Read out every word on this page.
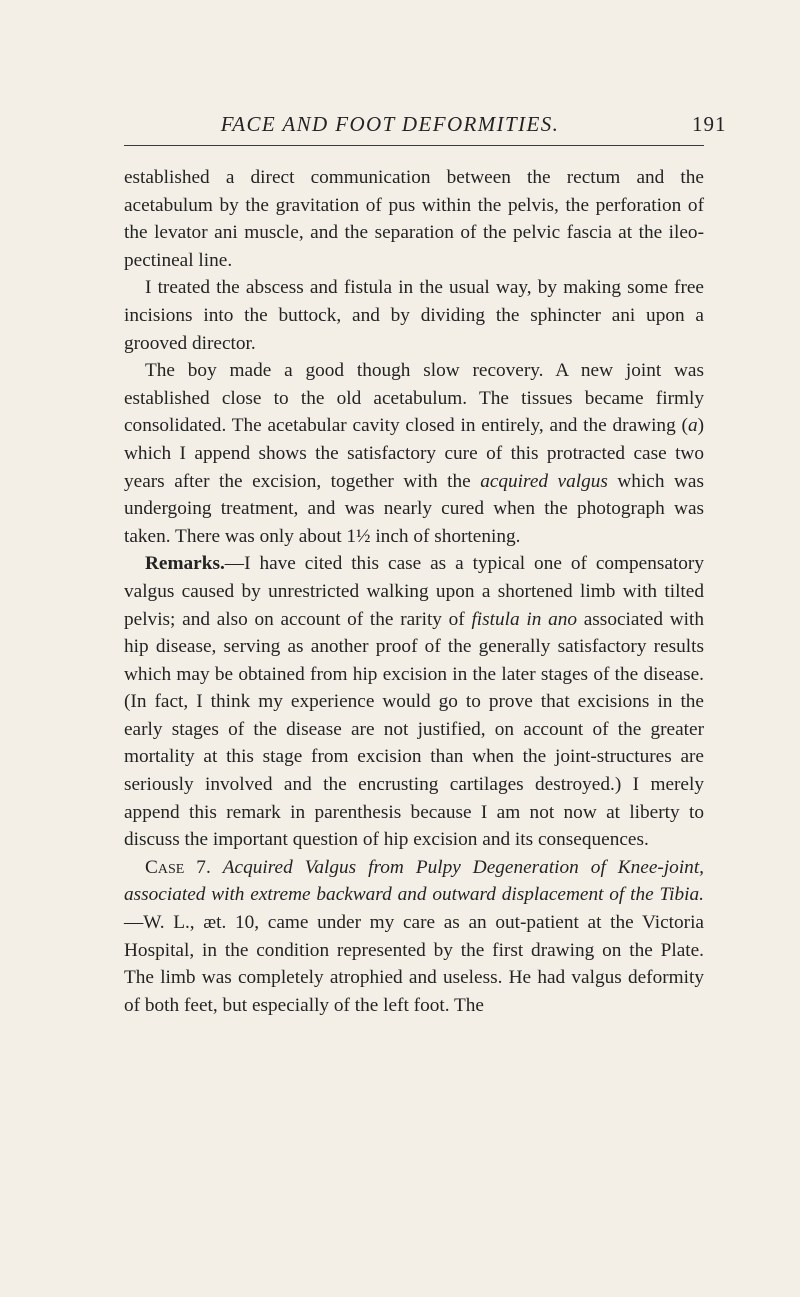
FACE AND FOOT DEFORMITIES.	191

established a direct communication between the rectum and the acetabulum by the gravitation of pus within the pelvis, the perforation of the levator ani muscle, and the separation of the pelvic fascia at the ileo-pectineal line.

I treated the abscess and fistula in the usual way, by making some free incisions into the buttock, and by dividing the sphincter ani upon a grooved director.

The boy made a good though slow recovery. A new joint was established close to the old acetabulum. The tissues became firmly consolidated. The acetabular cavity closed in entirely, and the drawing (a) which I append shows the satisfactory cure of this protracted case two years after the excision, together with the acquired valgus which was undergoing treatment, and was nearly cured when the photograph was taken. There was only about 1½ inch of shortening.

Remarks.—I have cited this case as a typical one of compensatory valgus caused by unrestricted walking upon a shortened limb with tilted pelvis; and also on account of the rarity of fistula in ano associated with hip disease, serving as another proof of the generally satisfactory results which may be obtained from hip excision in the later stages of the disease. (In fact, I think my experience would go to prove that excisions in the early stages of the disease are not justified, on account of the greater mortality at this stage from excision than when the joint-structures are seriously involved and the encrusting cartilages destroyed.) I merely append this remark in parenthesis because I am not now at liberty to discuss the important question of hip excision and its consequences.

Case 7. Acquired Valgus from Pulpy Degeneration of Knee-joint, associated with extreme backward and outward displacement of the Tibia.—W. L., æt. 10, came under my care as an out-patient at the Victoria Hospital, in the condition represented by the first drawing on the Plate. The limb was completely atrophied and useless. He had valgus deformity of both feet, but especially of the left foot. The
